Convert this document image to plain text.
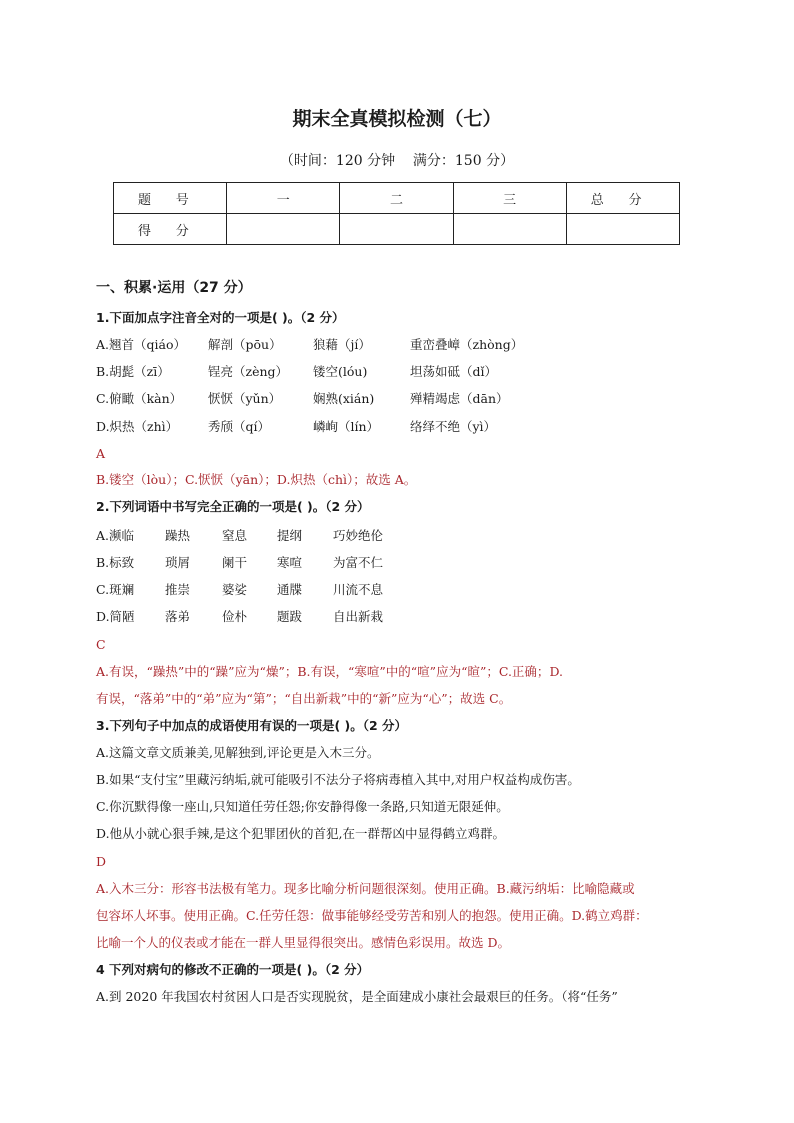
期末全真模拟检测（七）
（时间：120 分钟    满分：150 分）
题      号	一	二	三	总      分
得      分				
一、积累·运用（27 分）
1.下面加点字注音全对的一项是( )。（2 分）
A.翘首（qiáo） 解剖（pōu）	狼藉（jí）	重峦叠嶂（zhòng）
B.胡髭（zī）	锃亮（zèng） 镂空(lóu)	坦荡如砥（dǐ）
C.俯瞰（kàn） 恹恹（yǔn）	娴熟(xián)	殚精竭虑（dān）
D.炽热（zhì） 秀颀（qí）	嶙峋（lín） 络绎不绝（yì）
A
B.镂空（lòu）；C.恹恹（yān）；D.炽热（chì）；故选 A。
2.下列词语中书写完全正确的一项是( )。（2 分）
A.濒临 躁热	窒息 提纲 巧妙绝伦
B.标致 琐屑	阑干 寒喧 为富不仁
C.斑斓 推崇	婆娑 通牒 川流不息
D.简陋 落弟	俭朴 题跋 自出新栽
C
A.有误，“躁热”中的“躁”应为“燥”；B.有误，“寒喧”中的“喧”应为“暄”；C.正确；D.
有误，“落弟”中的“弟”应为“第”；“自出新栽”中的“新”应为“心”；故选 C。
3.下列句子中加点的成语使用有误的一项是( )。（2 分）
A.这篇文章文质兼美,见解独到,评论更是入木三分。
B.如果“支付宝”里藏污纳垢,就可能吸引不法分子将病毒植入其中,对用户权益构成伤害。
C.你沉默得像一座山,只知道任劳任怨;你安静得像一条路,只知道无限延伸。
D.他从小就心狠手辣,是这个犯罪团伙的首犯,在一群帮凶中显得鹤立鸡群。
D
A.入木三分：形容书法极有笔力。现多比喻分析问题很深刻。使用正确。B.藏污纳垢：比喻隐藏或
包容坏人坏事。使用正确。C.任劳任怨：做事能够经受劳苦和别人的抱怨。使用正确。D.鹤立鸡群：
比喻一个人的仪表或才能在一群人里显得很突出。感情色彩误用。故选 D。
4 下列对病句的修改不正确的一项是( )。（2 分）
A.到 2020 年我国农村贫困人口是否实现脱贫，是全面建成小康社会最艰巨的任务。（将“任务”
